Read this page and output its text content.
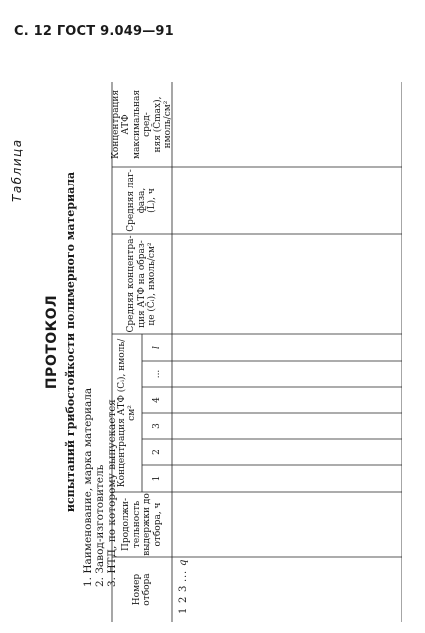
С. 12 ГОСТ 9.049—91
Таблица
ПРОТОКОЛ испытаний грибостойкости полимерного материала 1. Наименование, марка материала 2. Завод-изготовитель 3. НТД, по которому выпускается
Номер отбора
Продолжи- тельность выдержки до отбора, ч
Концентрация АТФ (Cᵢ), нмоль/см²
1
2
3
4
...
l
Средняя концентра- ция АТФ на образ- це (C̄ᵢ), нмоль/см²
Средняя лаг-фаза, (L̄), ч
Концентрация АТФ максимальная сред- няя (C̄max), нмоль/см²
1
2
3
.
.
.
q
